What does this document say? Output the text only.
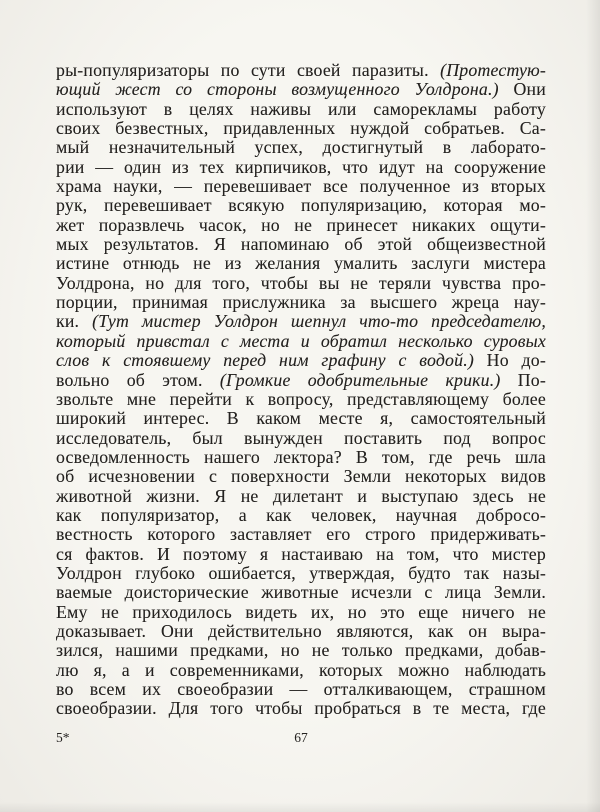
ры-популяризаторы по сути своей паразиты. (Протестую-
ющий жест со стороны возмущенного Уолдрона.) Они
используют в целях наживы или саморекламы работу
своих безвестных, придавленных нуждой собратьев. Са-
мый незначительный успех, достигнутый в лаборато-
рии — один из тех кирпичиков, что идут на сооружение
храма науки, — перевешивает все полученное из вторых
рук, перевешивает всякую популяризацию, которая мо-
жет поразвлечь часок, но не принесет никаких ощути-
мых результатов. Я напоминаю об этой общеизвестной
истине отнюдь не из желания умалить заслуги мистера
Уолдрона, но для того, чтобы вы не теряли чувства про-
порции, принимая прислужника за высшего жреца нау-
ки. (Тут мистер Уолдрон шепнул что-то председателю,
который привстал с места и обратил несколько суровых
слов к стоявшему перед ним графину с водой.) Но до-
вольно об этом. (Громкие одобрительные крики.) По-
звольте мне перейти к вопросу, представляющему более
широкий интерес. В каком месте я, самостоятельный
исследователь, был вынужден поставить под вопрос
осведомленность нашего лектора? В том, где речь шла
об исчезновении с поверхности Земли некоторых видов
животной жизни. Я не дилетант и выступаю здесь не
как популяризатор, а как человек, научная добросо-
вестность которого заставляет его строго придерживать-
ся фактов. И поэтому я настаиваю на том, что мистер
Уолдрон глубоко ошибается, утверждая, будто так назы-
ваемые доисторические животные исчезли с лица Земли.
Ему не приходилось видеть их, но это еще ничего не
доказывает. Они действительно являются, как он выра-
зился, нашими предками, но не только предками, добав-
лю я, а и современниками, которых можно наблюдать
во всем их своеобразии — отталкивающем, страшном
своеобразии. Для того чтобы пробраться в те места, где
5*	67
